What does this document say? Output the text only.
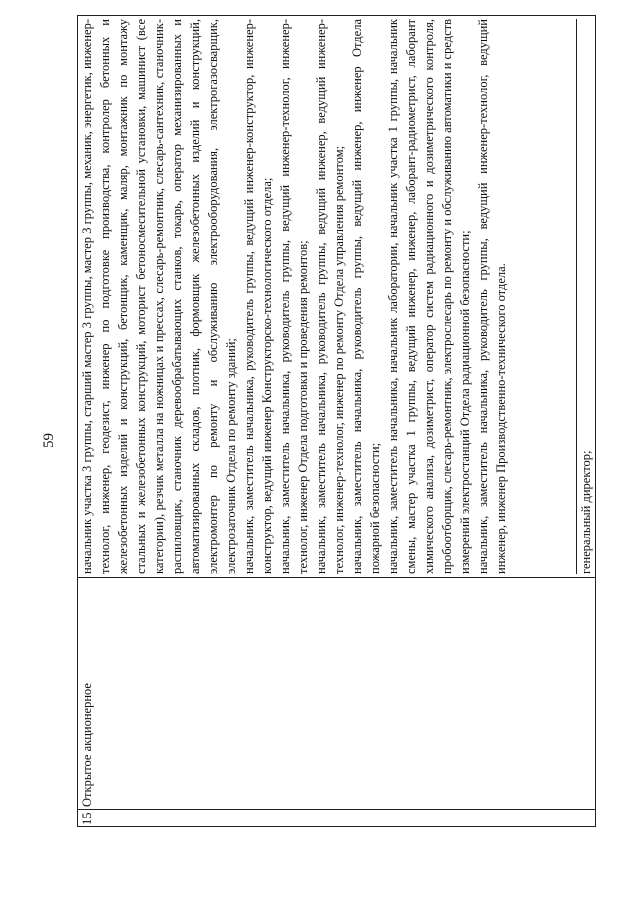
59
15
Открытое акционерное

начальник участка 3 группы, старший мастер 3 группы, мастер 3 группы, механик, энергетик, инженер-технолог, инженер, геодезист, инженер по подготовке производства, контролер бетонных и железобетонных изделий и конструкций, бетонщик, каменщик, маляр, монтажник по монтажу стальных и железобетонных конструкций, моторист бетоносмесительной установки, машинист (все категории), резчик металла на ножницах и прессах, слесарь-ремонтник, слесарь-сантехник, станочник-распиловщик, станочник деревообрабатывающих станков, токарь, оператор механизированных и автоматизированных складов, плотник, формовщик железобетонных изделий и конструкций, электромонтер по ремонту и обслуживанию электрооборудования, электрогазосварщик, электрозаточник Отдела по ремонту зданий; начальник, заместитель начальника, руководитель группы, ведущий инженер-конструктор, инженер-конструктор, ведущий инженер Конструкторско-технологического отдела; начальник, заместитель начальника, руководитель группы, ведущий инженер-технолог, инженер-технолог, инженер Отдела подготовки и проведения ремонтов; начальник, заместитель начальника, руководитель группы, ведущий инженер, ведущий инженер-технолог, инженер-технолог, инженер по ремонту Отдела управления ремонтом; начальник, заместитель начальника, руководитель группы, ведущий инженер, инженер Отдела пожарной безопасности; начальник, заместитель начальника, начальник лаборатории, начальник участка 1 группы, начальник смены, мастер участка 1 группы, ведущий инженер, инженер, лаборант-радиометрист, лаборант химического анализа, дозиметрист, оператор систем радиационного и дозиметрического контроля, пробоотборщик, слесарь-ремонтник, электрослесарь по ремонту и обслуживанию автоматики и средств измерений электростанций Отдела радиационной безопасности; начальник, заместитель начальника, руководитель группы, ведущий инженер-технолог, ведущий инженер, инженер Производственно-технического отдела.	генеральный директор;
